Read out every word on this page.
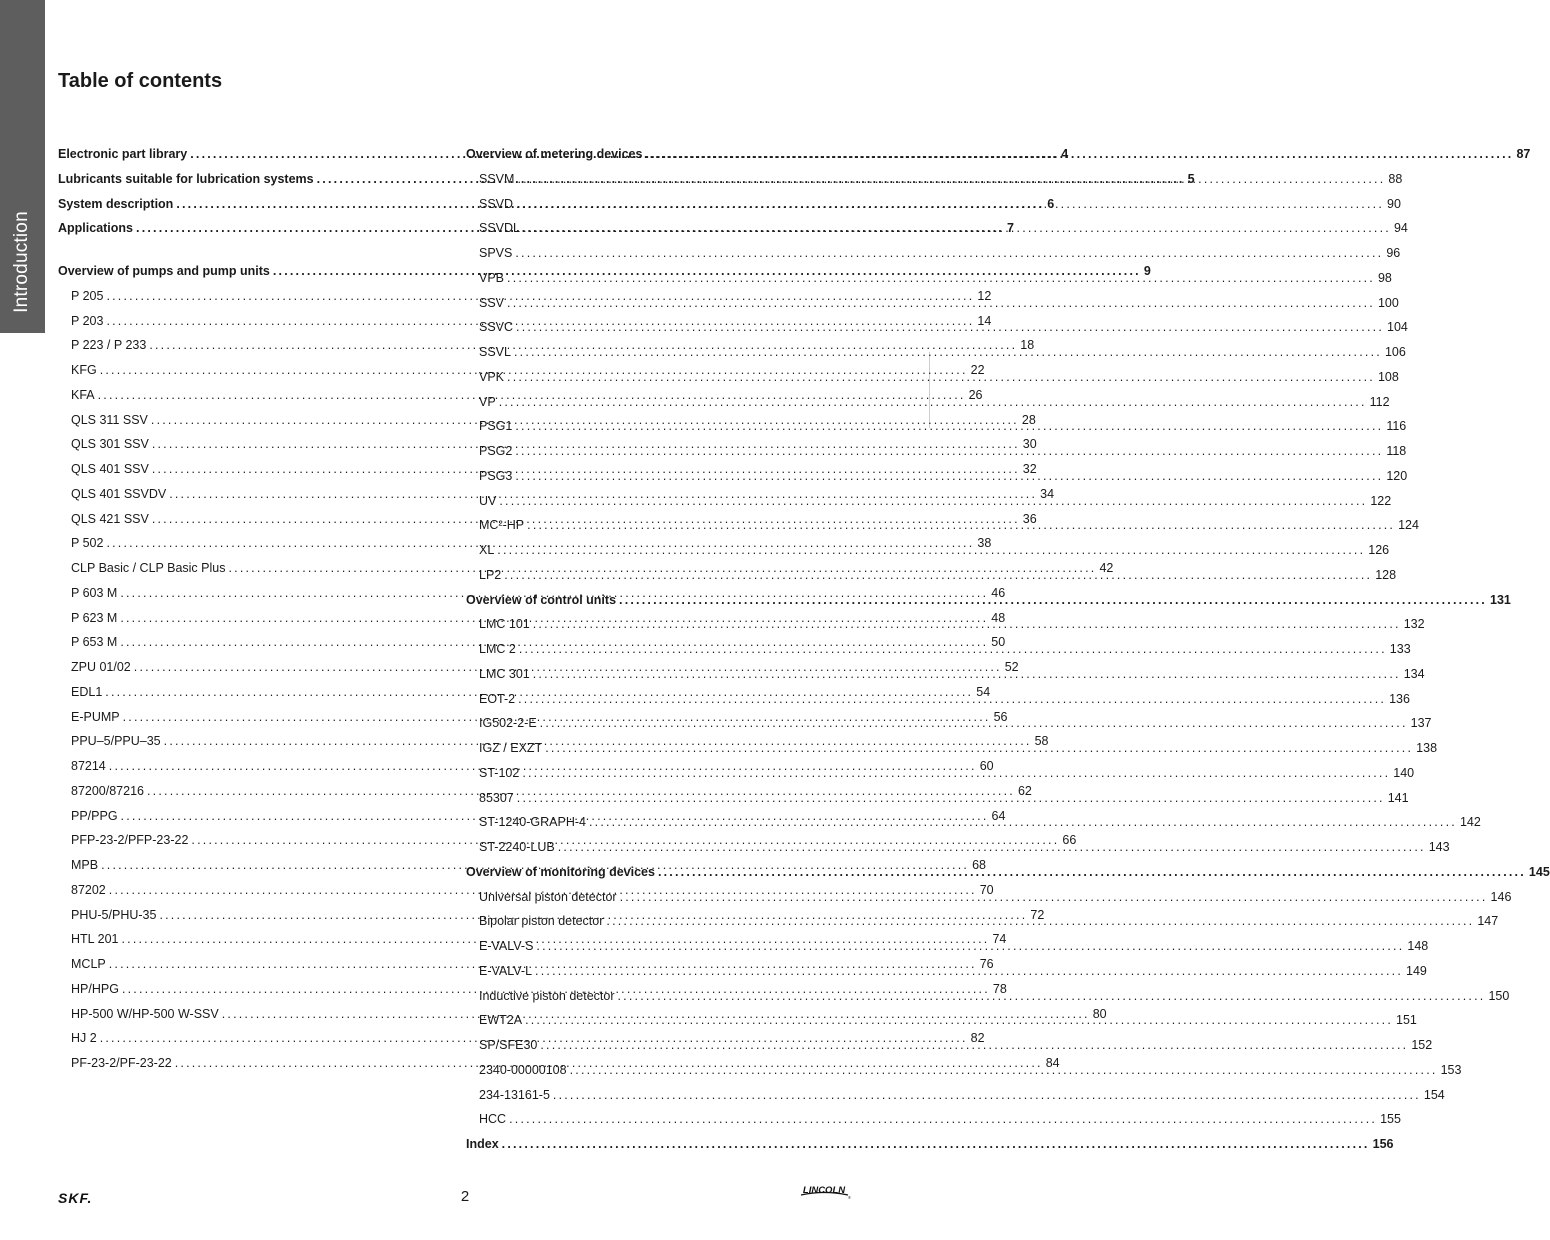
Introduction
Table of contents
Electronic part library .....	4
Lubricants suitable for lubrication systems .....	5
System description .....	6
Applications .....	7
Overview of pumps and pump units .....	9
P 205 .....	12
P 203 .....	14
P 223 / P 233 .....	18
KFG .....	22
KFA .....	26
QLS 311 SSV .....	28
QLS 301 SSV .....	30
QLS 401 SSV .....	32
QLS 401 SSVDV .....	34
QLS 421 SSV .....	36
P 502 .....	38
CLP Basic / CLP Basic Plus .....	42
P 603 M .....	46
P 623 M .....	48
P 653 M .....	50
ZPU 01/02 .....	52
EDL1 .....	54
E-PUMP .....	56
PPU–5/PPU–35 .....	58
87214 .....	60
87200/87216 .....	62
PP/PPG .....	64
PFP-23-2/PFP-23-22 .....	66
MPB .....	68
87202 .....	70
PHU-5/PHU-35 .....	72
HTL 201 .....	74
MCLP .....	76
HP/HPG .....	78
HP-500 W/HP-500 W-SSV .....	80
HJ 2 .....	82
PF-23-2/PF-23-22 .....	84
Overview of metering devices .....	87
SSVM .....	88
SSVD .....	90
SSVDL .....	94
SPVS .....	96
VPB .....	98
SSV .....	100
SSVC .....	104
SSVL .....	106
VPK .....	108
VP .....	112
PSG1 .....	116
PSG2 .....	118
PSG3 .....	120
UV .....	122
MC²-HP .....	124
XL .....	126
LP2 .....	128
Overview of control units .....	131
LMC 101 .....	132
LMC 2 .....	133
LMC 301 .....	134
EOT-2 .....	136
IG502-2-E .....	137
IGZ / EXZT .....	138
ST-102 .....	140
85307 .....	141
ST-1240-GRAPH-4 .....	142
ST-2240-LUB .....	143
Overview of monitoring devices .....	145
Universal piston detector .....	146
Bipolar piston detector .....	147
E-VALV-S .....	148
E-VALV-L .....	149
Inductive piston detector .....	150
EWT2A .....	151
SP/SFE30 .....	152
2340-00000108 .....	153
234-13161-5 .....	154
HCC .....	155
Index .....	156
SKF.	2	LINCOLN
®
